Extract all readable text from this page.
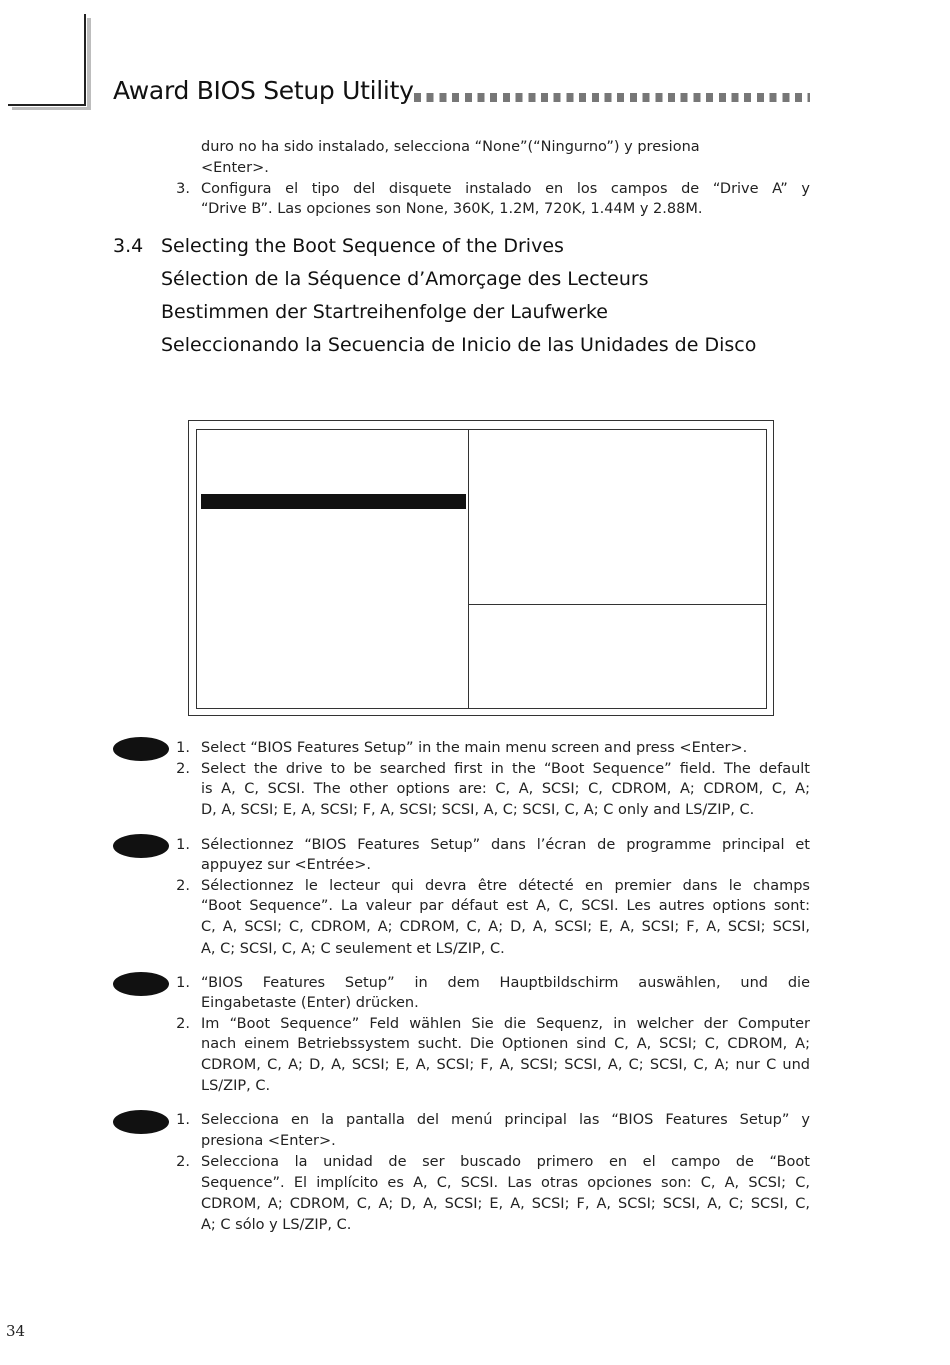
Award BIOS Setup Utility
duro no ha sido instalado, selecciona “None”(“Ningurno”) y presiona
<Enter>.
3. Configura el tipo del disquete instalado en los campos de “Drive A” y
“Drive B”. Las opciones son None, 360K, 1.2M, 720K, 1.44M y 2.88M.
3.4 Selecting the Boot Sequence of the Drives
Sélection de la Séquence d’Amorçage des Lecteurs
Bestimmen der Startreihenfolge der Laufwerke
Seleccionando la Secuencia de Inicio de las Unidades de Disco
1. Select “BIOS Features Setup” in the main menu screen and press <Enter>.
2. Select the drive to be searched first in the “Boot Sequence” field. The default
is A, C, SCSI. The other options are: C, A, SCSI; C, CDROM, A; CDROM, C, A;
D, A, SCSI; E, A, SCSI; F, A, SCSI; SCSI, A, C; SCSI, C, A; C only and LS/ZIP, C.
1. Sélectionnez “BIOS Features Setup” dans l’écran de programme principal et
appuyez sur <Entrée>.
2. Sélectionnez le lecteur qui devra être détecté en premier dans le champs
“Boot Sequence”. La valeur par défaut est A, C, SCSI. Les autres options sont:
C, A, SCSI; C, CDROM, A; CDROM, C, A; D, A, SCSI; E, A, SCSI; F, A, SCSI; SCSI,
A, C; SCSI, C, A; C seulement et LS/ZIP, C.
1. “BIOS Features Setup” in dem Hauptbildschirm auswählen, und die
Eingabetaste (Enter) drücken.
2. Im “Boot Sequence” Feld wählen Sie die Sequenz, in welcher der Computer
nach einem Betriebssystem sucht. Die Optionen sind C, A, SCSI; C, CDROM, A;
CDROM, C, A; D, A, SCSI; E, A, SCSI; F, A, SCSI; SCSI, A, C; SCSI, C, A; nur C und
LS/ZIP, C.
1. Selecciona en la pantalla del menú principal las “BIOS Features Setup” y
presiona <Enter>.
2. Selecciona la unidad de ser buscado primero en el campo de “Boot
Sequence”. El implícito es A, C, SCSI. Las otras opciones son: C, A, SCSI; C,
CDROM, A; CDROM, C, A; D, A, SCSI; E, A, SCSI; F, A, SCSI; SCSI, A, C; SCSI, C,
A; C sólo y LS/ZIP, C.
34
